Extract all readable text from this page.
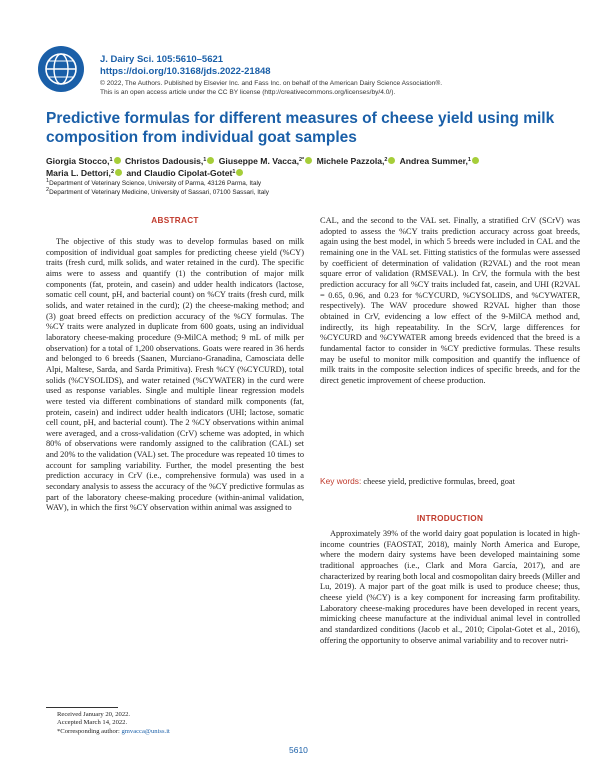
J. Dairy Sci. 105:5610–5621
https://doi.org/10.3168/jds.2022-21848
© 2022, The Authors. Published by Elsevier Inc. and Fass Inc. on behalf of the American Dairy Science Association®.
This is an open access article under the CC BY license (http://creativecommons.org/licenses/by/4.0/).
Predictive formulas for different measures of cheese yield using milk composition from individual goat samples
Giorgia Stocco,$^1$ Christos Dadousis,$^1$ Giuseppe M. Vacca,$^{2*}$ Michele Pazzola,$^2$ Andrea Summer,$^1$
Maria L. Dettori,$^2$ and Claudio Cipolat-Gotet$^1$
$^1$Department of Veterinary Science, University of Parma, 43126 Parma, Italy
$^2$Department of Veterinary Medicine, University of Sassari, 07100 Sassari, Italy
ABSTRACT

The objective of this study was to develop formulas based on milk composition of individual goat samples for predicting cheese yield (%CY) traits (fresh curd, milk solids, and water retained in the curd). The specific aims were to assess and quantify (1) the contribution of major milk components (fat, protein, and casein) and udder health indicators (lactose, somatic cell count, pH, and bacterial count) on %CY traits (fresh curd, milk solids, and water retained in the curd); (2) the cheese-making method; and (3) goat breed effects on prediction accuracy of the %CY formulas. The %CY traits were analyzed in duplicate from 600 goats, using an individual laboratory cheese-making procedure (9-MilCA method; 9 mL of milk per observation) for a total of 1,200 observations. Goats were reared in 36 herds and belonged to 6 breeds (Saanen, Murciano-Granadina, Camosciata delle Alpi, Maltese, Sarda, and Sarda Primitiva). Fresh %CY (%CYCURD), total solids (%CYSOLIDS), and water retained (%CYWATER) in the curd were used as response variables. Single and multiple linear regression models were tested via different combinations of standard milk components (fat, protein, casein) and indirect udder health indicators (UHI; lactose, somatic cell count, pH, and bacterial count). The 2 %CY observations within animal were averaged, and a cross-validation (CrV) scheme was adopted, in which 80% of observations were randomly assigned to the calibration (CAL) set and 20% to the validation (VAL) set. The procedure was repeated 10 times to account for sampling variability. Further, the model presenting the best prediction accuracy in CrV (i.e., comprehensive formula) was used in a secondary analysis to assess the accuracy of the %CY predictive formulas as part of the laboratory cheese-making procedure (within-animal validation, WAV), in which the first %CY observation within animal was assigned to

CAL, and the second to the VAL set. Finally, a stratified CrV (SCrV) was adopted to assess the %CY traits prediction accuracy across goat breeds, again using the best model, in which 5 breeds were included in CAL and the remaining one in the VAL set. Fitting statistics of the formulas were assessed by coefficient of determination of validation (R2VAL) and the root mean square error of validation (RMSEVAL). In CrV, the formula with the best prediction accuracy for all %CY traits included fat, casein, and UHI (R2VAL = 0.65, 0.96, and 0.23 for %CYCURD, %CYSOLIDS, and %CYWATER, respectively). The WAV procedure showed R2VAL higher than those obtained in CrV, evidencing a low effect of the 9-MilCA method and, indirectly, its high repeatability. In the SCrV, large differences for %CYCURD and %CYWATER among breeds evidenced that the breed is a fundamental factor to consider in %CY predictive formulas. These results may be useful to monitor milk composition and quantify the influence of milk traits in the composite selection indices of specific breeds, and for the direct genetic improvement of cheese production.

Key words: cheese yield, predictive formulas, breed, goat
INTRODUCTION

Approximately 39% of the world dairy goat population is located in high-income countries (FAOSTAT, 2018), mainly North America and Europe, where the modern dairy systems have been developed maintaining some traditional approaches (i.e., Clark and Mora García, 2017), and are characterized by rearing both local and cosmopolitan dairy breeds (Miller and Lu, 2019). A major part of the goat milk is used to produce cheese; thus, cheese yield (%CY) is a key component for increasing farm profitability. Laboratory cheese-making procedures have been developed in recent years, mimicking cheese manufacture at the individual animal level in controlled and standardized conditions (Jacob et al., 2010; Cipolat-Gotet et al., 2016), offering the opportunity to observe animal variability and to recover nutri-

Received January 20, 2022.
Accepted March 14, 2022.
*Corresponding author: gmvacca@uniss.it
5610
